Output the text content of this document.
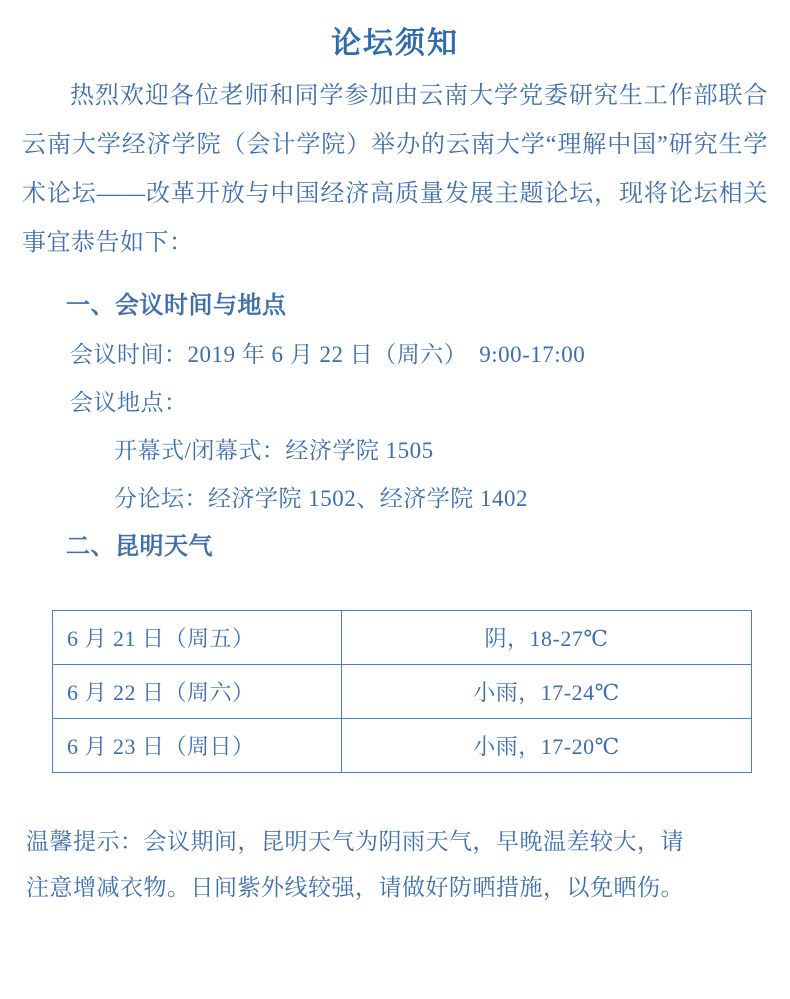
论坛须知

热烈欢迎各位老师和同学参加由云南大学党委研究生工作部联合云南大学经济学院（会计学院）举办的云南大学“理解中国”研究生学术论坛——改革开放与中国经济高质量发展主题论坛，现将论坛相关事宜恭告如下：

一、会议时间与地点

会议时间：2019 年 6 月 22 日（周六）　9:00-17:00

会议地点：

开幕式/闭幕式：经济学院 1505

分论坛：经济学院 1502、经济学院 1402

二、昆明天气

6 月 21 日（周五）	阴，18-27℃
6 月 22 日（周六）	小雨，17-24℃
6 月 23 日（周日）	小雨，17-20℃

温馨提示：会议期间，昆明天气为阴雨天气，早晚温差较大，请

注意增减衣物。日间紫外线较强，请做好防晒措施，以免晒伤。
